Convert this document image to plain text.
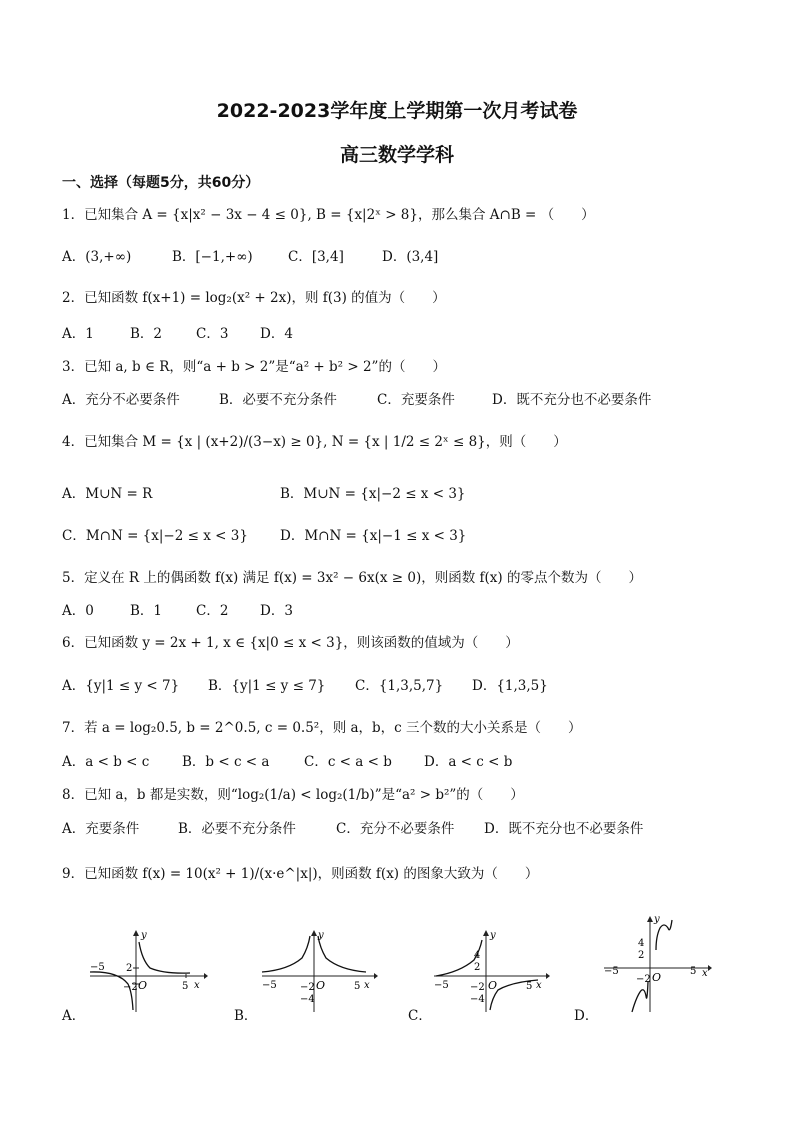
2022-2023学年度上学期第一次月考试卷
高三数学学科
一、选择（每题5分，共60分）
1．已知集合 A = {x|x² − 3x − 4 ≤ 0}, B = {x|2ˣ > 8}，那么集合 A∩B = （　　）
A．(3,+∞)	B．[−1,+∞)	C．[3,4]	D．(3,4]
2．已知函数 f(x+1) = log₂(x² + 2x)，则 f(3) 的值为（　　）
A．1	B．2	C．3 D．4
3．已知 a, b ∈ R，则“a + b > 2”是“a² + b² > 2”的（　　）
A．充分不必要条件	B．必要不充分条件	C．充要条件	D．既不充分也不必要条件
4．已知集合 M = {x | (x+2)/(3−x) ≥ 0}, N = {x | 1/2 ≤ 2ˣ ≤ 8}，则（　　）
A．M∪N = R	B．M∪N = {x|−2 ≤ x < 3}
C．M∩N = {x|−2 ≤ x < 3} D．M∩N = {x|−1 ≤ x < 3}
5．定义在 R 上的偶函数 f(x) 满足 f(x) = 3x² − 6x(x ≥ 0)，则函数 f(x) 的零点个数为（　　）
A．0	B．1	C．2 D．3
6．已知函数 y = 2x + 1, x ∈ {x|0 ≤ x < 3}，则该函数的值域为（　　）
A．{y|1 ≤ y < 7} B．{y|1 ≤ y ≤ 7} C．{1,3,5,7} D．{1,3,5}
7．若 a = log₂0.5, b = 2^0.5, c = 0.5²，则 a，b，c 三个数的大小关系是（　　）
A．a < b < c B．b < c < a	C．c < a < b D．a < c < b
8．已知 a，b 都是实数，则“log₂(1/a) < log₂(1/b)”是“a² > b²”的（　　）
A．充要条件	B．必要不充分条件	C．充分不必要条件 D．既不充分也不必要条件
9．已知函数 f(x) = 10(x² + 1)/(x·e^|x|)，则函数 f(x) 的图象大致为（　　）
A．
−5 2
−2 O	5 x
y
B．
−5 −2
−4
O	5 x
y
C．
4
2
−5 −2
−4
O	5 x
y
D．
4
2
−5
−2 O	5 x
y
